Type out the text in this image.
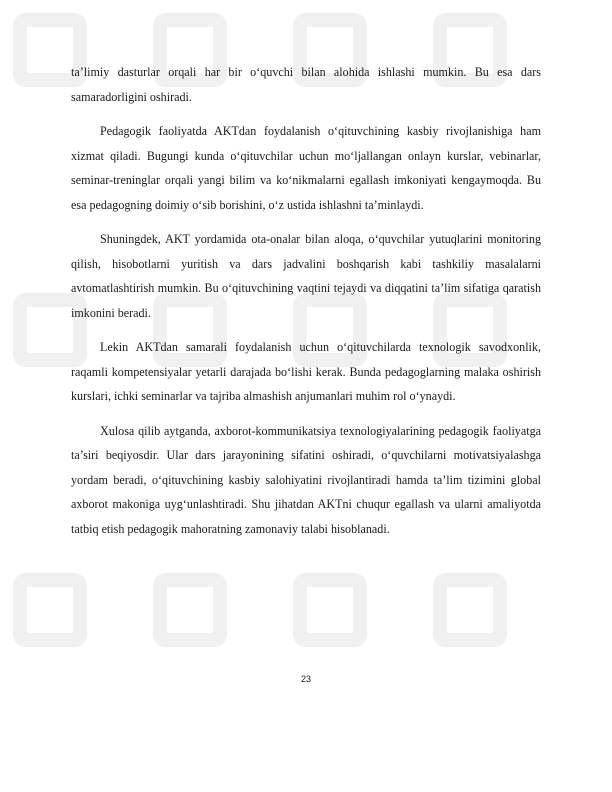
ta’limiy dasturlar orqali har bir o‘quvchi bilan alohida ishlashi mumkin. Bu esa dars samaradorligini oshiradi.

Pedagogik faoliyatda AKTdan foydalanish o‘qituvchining kasbiy rivojlanishiga ham xizmat qiladi. Bugungi kunda o‘qituvchilar uchun mo‘ljallangan onlayn kurslar, vebinarlar, seminar-treninglar orqali yangi bilim va ko‘nikmalarni egallash imkoniyati kengaymoqda. Bu esa pedagogning doimiy o‘sib borishini, o‘z ustida ishlashni ta’minlaydi.

Shuningdek, AKT yordamida ota-onalar bilan aloqa, o‘quvchilar yutuqlarini monitoring qilish, hisobotlarni yuritish va dars jadvalini boshqarish kabi tashkiliy masalalarni avtomatlashtirish mumkin. Bu o‘qituvchining vaqtini tejaydi va diqqatini ta’lim sifatiga qaratish imkonini beradi.

Lekin AKTdan samarali foydalanish uchun o‘qituvchilarda texnologik savodxonlik, raqamli kompetensiyalar yetarli darajada bo‘lishi kerak. Bunda pedagoglarning malaka oshirish kurslari, ichki seminarlar va tajriba almashish anjumanlari muhim rol o‘ynaydi.

Xulosa qilib aytganda, axborot-kommunikatsiya texnologiyalarining pedagogik faoliyatga ta’siri beqiyosdir. Ular dars jarayonining sifatini oshiradi, o‘quvchilarni motivatsiyalashga yordam beradi, o‘qituvchining kasbiy salohiyatini rivojlantiradi hamda ta’lim tizimini global axborot makoniga uyg‘unlashtiradi. Shu jihatdan AKTni chuqur egallash va ularni amaliyotda tatbiq etish pedagogik mahoratning zamonaviy talabi hisoblanadi.

23
